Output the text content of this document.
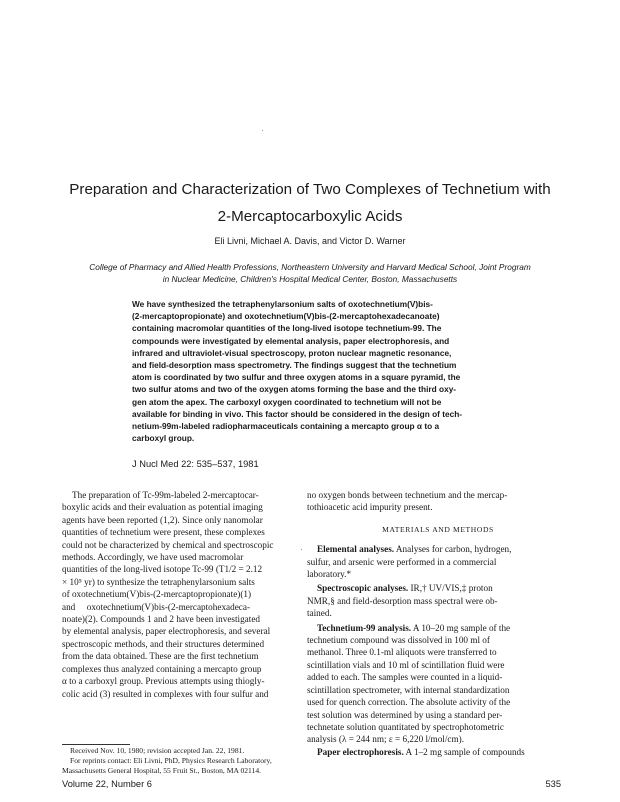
Preparation and Characterization of Two Complexes of Technetium with
2-Mercaptocarboxylic Acids
Eli Livni, Michael A. Davis, and Victor D. Warner
College of Pharmacy and Allied Health Professions, Northeastern University and Harvard Medical School, Joint Program
in Nuclear Medicine, Children's Hospital Medical Center, Boston, Massachusetts
We have synthesized the tetraphenylarsonium salts of oxotechnetium(V)bis-
(2-mercaptopropionate) and oxotechnetium(V)bis-(2-mercaptohexadecanoate)
containing macromolar quantities of the long-lived isotope technetium-99. The
compounds were investigated by elemental analysis, paper electrophoresis, and
infrared and ultraviolet-visual spectroscopy, proton nuclear magnetic resonance,
and field-desorption mass spectrometry. The findings suggest that the technetium
atom is coordinated by two sulfur and three oxygen atoms in a square pyramid, the
two sulfur atoms and two of the oxygen atoms forming the base and the third oxy-
gen atom the apex. The carboxyl oxygen coordinated to technetium will not be
available for binding in vivo. This factor should be considered in the design of tech-
netium-99m-labeled radiopharmaceuticals containing a mercapto group α to a
carboxyl group.
J Nucl Med 22: 535–537, 1981
The preparation of Tc-99m-labeled 2-mercaptocar-
boxylic acids and their evaluation as potential imaging
agents have been reported (1,2). Since only nanomolar
quantities of technetium were present, these complexes
could not be characterized by chemical and spectroscopic
methods. Accordingly, we have used macromolar
quantities of the long-lived isotope Tc-99 (T1/2 = 2.12
× 10⁵ yr) to synthesize the tetraphenylarsonium salts
of oxotechnetium(V)bis-(2-mercaptopropionate)(1)
and     oxotechnetium(V)bis-(2-mercaptohexadeca-
noate)(2). Compounds 1 and 2 have been investigated
by elemental analysis, paper electrophoresis, and several
spectroscopic methods, and their structures determined
from the data obtained. These are the first technetium
complexes thus analyzed containing a mercapto group
α to a carboxyl group. Previous attempts using thiogly-
colic acid (3) resulted in complexes with four sulfur and
no oxygen bonds between technetium and the mercap-
tothioacetic acid impurity present.
MATERIALS AND METHODS
Elemental analyses. Analyses for carbon, hydrogen,
sulfur, and arsenic were performed in a commercial
laboratory.*
Spectroscopic analyses. IR,† UV/VIS,‡ proton
NMR,§ and field-desorption mass spectra‖ were ob-
tained.
Technetium-99 analysis. A 10–20 mg sample of the
technetium compound was dissolved in 100 ml of
methanol. Three 0.1-ml aliquots were transferred to
scintillation vials and 10 ml of scintillation fluid were
added to each. The samples were counted in a liquid-
scintillation spectrometer, with internal standardization
used for quench correction. The absolute activity of the
test solution was determined by using a standard per-
technetate solution quantitated by spectrophotometric
analysis (λ = 244 nm; ε = 6,220 l/mol/cm).
Paper electrophoresis. A 1–2 mg sample of compounds
Received Nov. 10, 1980; revision accepted Jan. 22, 1981.
For reprints contact: Eli Livni, PhD, Physics Research Laboratory,
Massachusetts General Hospital, 55 Fruit St., Boston, MA 02114.
Volume 22, Number 6	535
